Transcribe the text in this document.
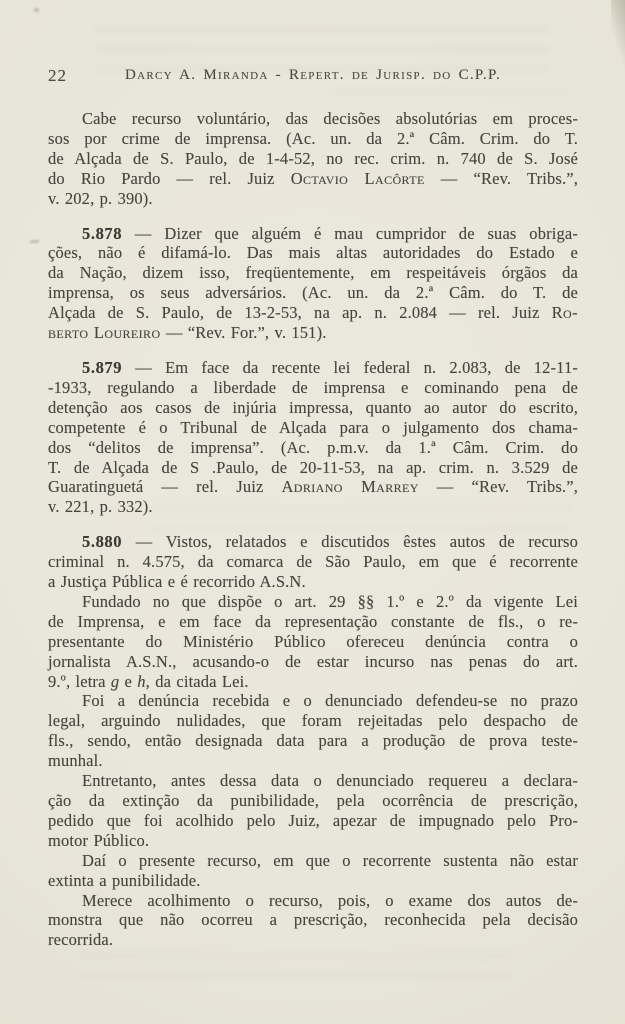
22	Darcy A. Miranda - Repert. de Jurisp. do C.P.P.
Cabe recurso voluntário, das decisões absolutórias em proces-
sos por crime de imprensa. (Ac. un. da 2.ª Câm. Crim. do T.
de Alçada de S. Paulo, de 1-4-52, no rec. crim. n. 740 de S. José
do Rio Pardo — rel. Juiz Octavio Lacôrte — “Rev. Tribs.”,
v. 202, p. 390).
5.878 — Dizer que alguém é mau cumpridor de suas obriga-
ções, não é difamá-lo. Das mais altas autoridades do Estado e
da Nação, dizem isso, freqüentemente, em respeitáveis órgãos da
imprensa, os seus adversários. (Ac. un. da 2.ª Câm. do T. de
Alçada de S. Paulo, de 13-2-53, na ap. n. 2.084 — rel. Juiz Ro-
berto Loureiro — “Rev. For.”, v. 151).
5.879 — Em face da recente lei federal n. 2.083, de 12-11-
-1933, regulando a liberdade de imprensa e cominando pena de
detenção aos casos de injúria impressa, quanto ao autor do escrito,
competente é o Tribunal de Alçada para o julgamento dos chama-
dos “delitos de imprensa”. (Ac. p.m.v. da 1.ª Câm. Crim. do
T. de Alçada de S .Paulo, de 20-11-53, na ap. crim. n. 3.529 de
Guaratinguetá — rel. Juiz Adriano Marrey — “Rev. Tribs.”,
v. 221, p. 332).
5.880 — Vistos, relatados e discutidos êstes autos de recurso
criminal n. 4.575, da comarca de São Paulo, em que é recorrente
a Justiça Pública e é recorrido A.S.N.
Fundado no que dispõe o art. 29 §§ 1.º e 2.º da vigente Lei
de Imprensa, e em face da representação constante de fls., o re-
presentante do Ministério Público ofereceu denúncia contra o
jornalista A.S.N., acusando-o de estar incurso nas penas do art.
9.º, letra g e h, da citada Lei.
Foi a denúncia recebida e o denunciado defendeu-se no prazo
legal, arguindo nulidades, que foram rejeitadas pelo despacho de
fls., sendo, então designada data para a produção de prova teste-
munhal.
Entretanto, antes dessa data o denunciado requereu a declara-
ção da extinção da punibilidade, pela ocorrência de prescrição,
pedido que foi acolhido pelo Juiz, apezar de impugnado pelo Pro-
motor Público.
Daí o presente recurso, em que o recorrente sustenta não estar
extinta a punibilidade.
Merece acolhimento o recurso, pois, o exame dos autos de-
monstra que não ocorreu a prescrição, reconhecida pela decisão
recorrida.
